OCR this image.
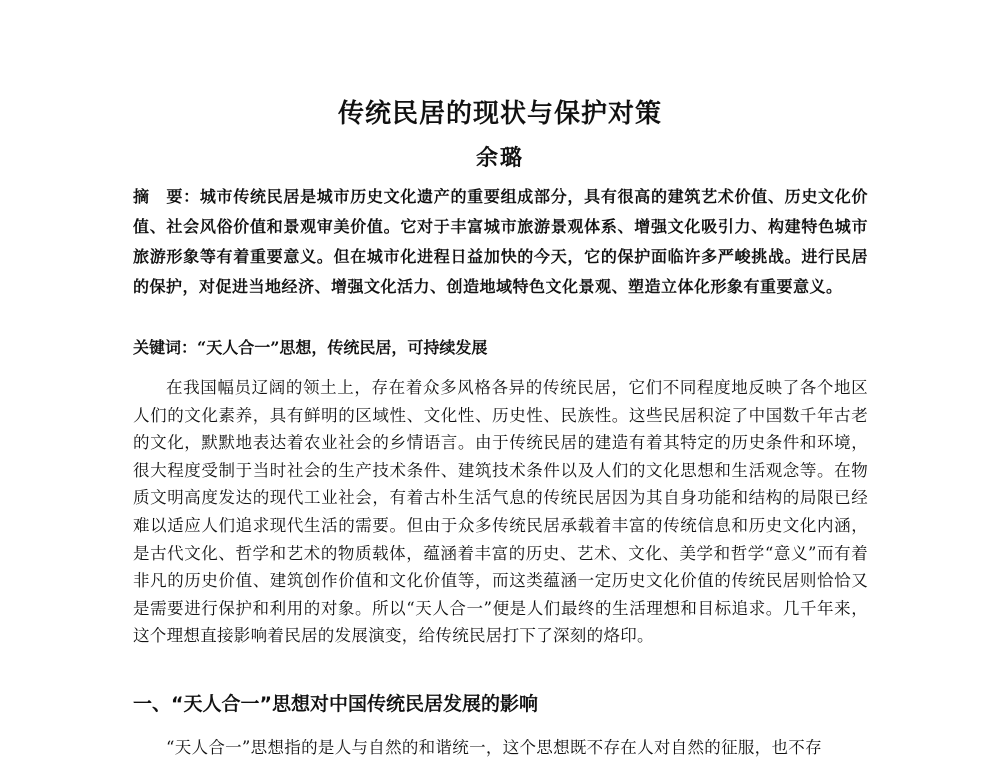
传统民居的现状与保护对策
余璐

摘　要：城市传统民居是城市历史文化遗产的重要组成部分，具有很高的建筑艺术价值、历史文化价值、社会风俗价值和景观审美价值。它对于丰富城市旅游景观体系、增强文化吸引力、构建特色城市旅游形象等有着重要意义。但在城市化进程日益加快的今天，它的保护面临许多严峻挑战。进行民居的保护，对促进当地经济、增强文化活力、创造地域特色文化景观、塑造立体化形象有重要意义。

关键词：“天人合一”思想，传统民居，可持续发展

在我国幅员辽阔的领土上，存在着众多风格各异的传统民居，它们不同程度地反映了各个地区人们的文化素养，具有鲜明的区域性、文化性、历史性、民族性。这些民居积淀了中国数千年古老的文化，默默地表达着农业社会的乡情语言。由于传统民居的建造有着其特定的历史条件和环境，很大程度受制于当时社会的生产技术条件、建筑技术条件以及人们的文化思想和生活观念等。在物质文明高度发达的现代工业社会，有着古朴生活气息的传统民居因为其自身功能和结构的局限已经难以适应人们追求现代生活的需要。但由于众多传统民居承载着丰富的传统信息和历史文化内涵，是古代文化、哲学和艺术的物质载体，蕴涵着丰富的历史、艺术、文化、美学和哲学“意义”而有着非凡的历史价值、建筑创作价值和文化价值等，而这类蕴涵一定历史文化价值的传统民居则恰恰又是需要进行保护和利用的对象。所以“天人合一”便是人们最终的生活理想和目标追求。几千年来，这个理想直接影响着民居的发展演变，给传统民居打下了深刻的烙印。

一、“天人合一”思想对中国传统民居发展的影响

“天人合一”思想指的是人与自然的和谐统一，这个思想既不存在人对自然的征服，也不存
